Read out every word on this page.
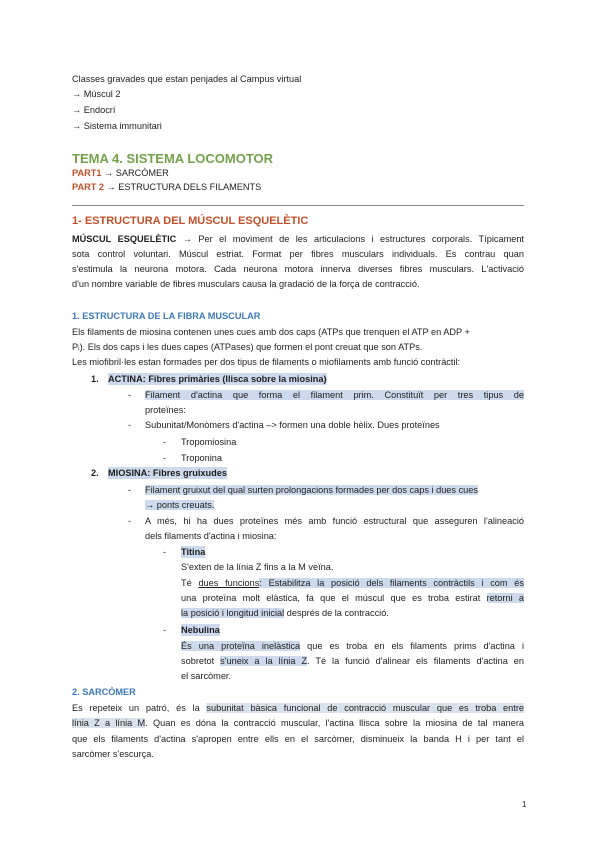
Classes gravades que estan penjades al Campus virtual
→ Múscul 2
→ Endocrí
→ Sistema immunitari
TEMA 4. SISTEMA LOCOMOTOR
PART1 → SARCÒMER
PART 2 → ESTRUCTURA DELS FILAMENTS
1- ESTRUCTURA DEL MÚSCUL ESQUELÈTIC
MÚSCUL ESQUELÈTIC → Per el moviment de les articulacions i estructures corporals. Típicament
sota control voluntari. Múscul estriat. Format per fibres musculars individuals. Es contrau quan
s'estimula la neurona motora. Cada neurona motora innerva diverses fibres musculars. L'activació
d'un nombre variable de fibres musculars causa la gradació de la força de contracció.
1. ESTRUCTURA DE LA FIBRA MUSCULAR
Els filaments de miosina contenen unes cues amb dos caps (ATPs que trenquen el ATP en ADP +
Pᵢ). Els dos caps i les dues capes (ATPases) que formen el pont creuat que son ATPs.
Les miofibril·les estan formades per dos tipus de filaments o miofilaments amb funció contràctil:
1. ACTINA: Fibres primàries (llisca sobre la miosina)
- Filament d'actina que forma el filament prim. Constituït per tres tipus de
proteïnes:
- Subunitat/Monòmers d'actina –> formen una doble hèlix. Dues proteïnes
- Tropomiosina
- Troponina
2. MIOSINA: Fibres gruixudes
- Filament gruixut del qual surten prolongacions formades per dos caps i dues cues
→ ponts creuats.
- A més, hi ha dues proteïnes més amb funció estructural que asseguren l'alineació
dels filaments d'actina i miosina:
- Titina
S'exten de la línia Z fins a la M veïna.
Té dues funcions: Estabilitza la posició dels filaments contràctils i com és
una proteïna molt elàstica, fa que el múscul que es troba estirat retorni a
la posició i longitud inicial després de la contracció.
- Nebulina
És una proteïna inelàstica que es troba en els filaments prims d'actina i
sobretot s'uneix a la línia Z. Té la funció d'alinear els filaments d'actina en
el sarcòmer.
2. SARCÒMER
Es repeteix un patró, és la subunitat bàsica funcional de contracció muscular que es troba entre
línia Z a línia M. Quan es dóna la contracció muscular, l'actina llisca sobre la miosina de tal manera
que els filaments d'actina s'apropen entre ells en el sarcòmer, disminueix la banda H i per tant el
sarcòmer s'escurça.
1
